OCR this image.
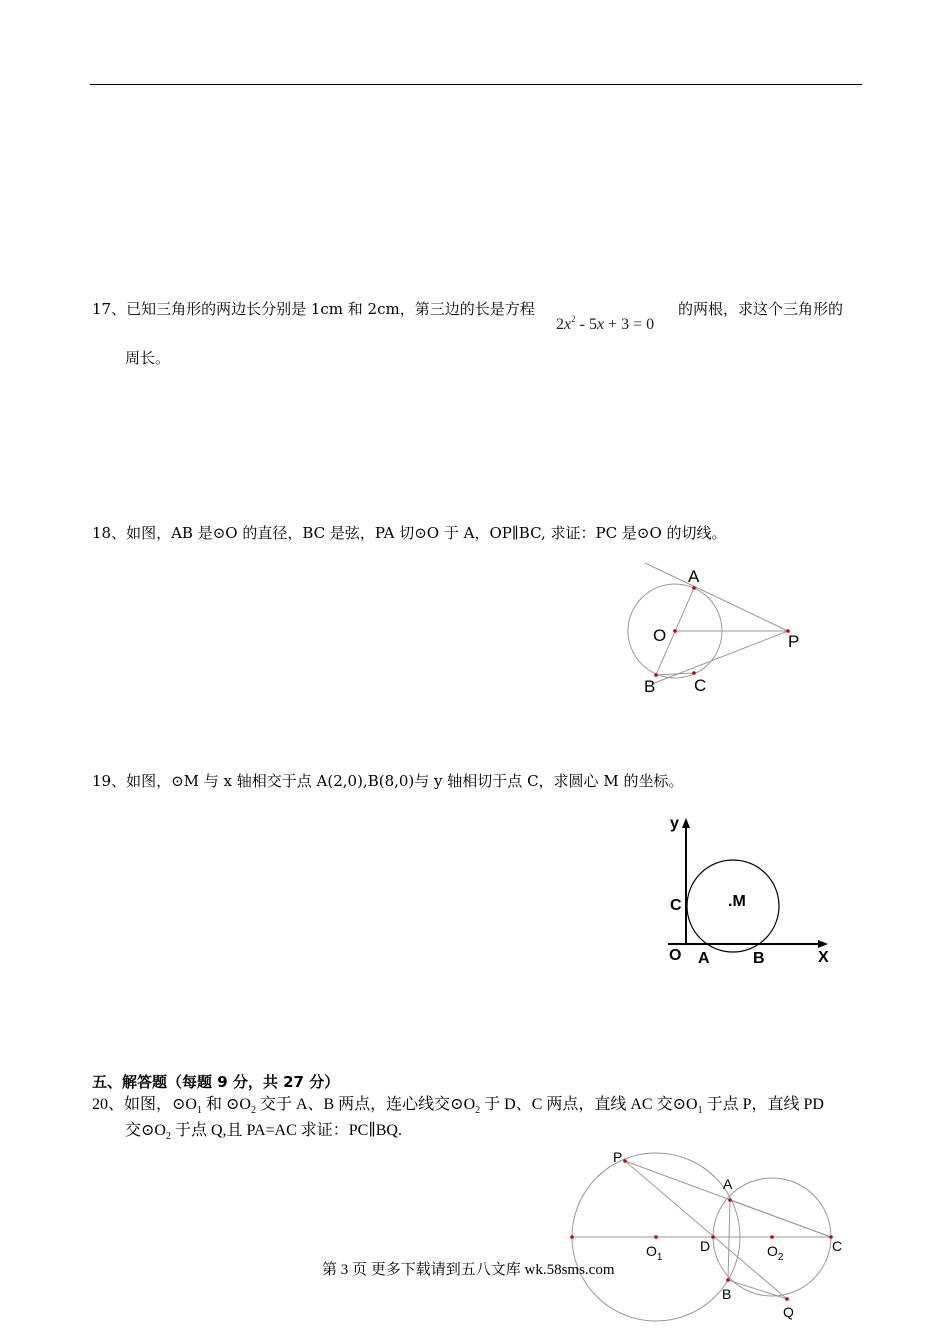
17、已知三角形的两边长分别是 1cm 和 2cm，第三边的长是方程
$2x^2 - 5x + 3 = 0$
的两根，求这个三角形的
周长。
18、如图，AB 是⊙O 的直径，BC 是弦，PA 切⊙O 于 A，OP∥BC, 求证：PC 是⊙O 的切线。
A
O	P
B C
19、如图，⊙M 与 x 轴相交于点 A(2,0),B(8,0)与 y 轴相切于点 C，求圆心 M 的坐标。
y
C	.M
O A	B	X
五、解答题（每题 9 分，共 27 分）
20、如图，$⊙O_1$ 和 $⊙O_2$ 交于 A、B 两点，连心线交$⊙O_2$ 于 D、C 两点，直线 AC 交$⊙O_1$ 于点 P，直线 PD
交$⊙O_2$ 于点 Q,且 PA=AC 求证：PC∥BQ.
P
A
$O_1$
D	$O_2$
C
B
Q
第 3 页 更多下载请到五八文库 wk.58sms.com
